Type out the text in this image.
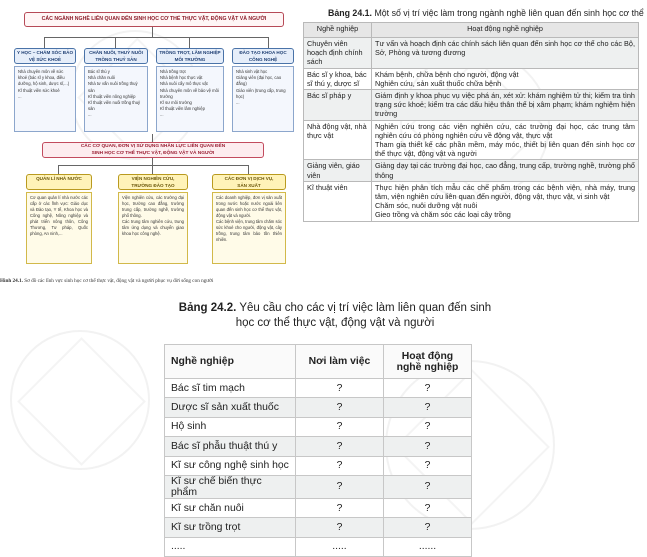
CÁC NGÀNH NGHỀ LIÊN QUAN ĐẾN SINH HỌC CƠ THỂ THỰC VẬT, ĐỘNG VẬT VÀ NGƯỜI
Y HỌC – CHĂM SÓC BẢO VỆ SỨC KHOẺ
CHĂN NUÔI, THUỶ NUÔI TRỒNG THUỶ SẢN
TRỒNG TRỌT, LÂM NGHIỆP MÔI TRƯỜNG
ĐÀO TẠO KHOA HỌC CÔNG NGHỆ
Nhà chuyên môn về sức khoẻ (bác sĩ y khoa, điều dưỡng, hộ sinh, dược sĩ,...)
Kĩ thuật viên sức khoẻ
...
Bác sĩ thú y
Nhà chăn nuôi
Nhà tư vấn nuôi trồng thuỷ sản
Kĩ thuật viên nông nghiệp
Kĩ thuật viên nuôi trồng thuỷ sản
...
Nhà trồng trọt
Nhà bệnh học thực vật
Nhà nuôi cấy mô thực vật
Nhà chuyên môn về bảo vệ môi trường
Kĩ sư môi trường
Kĩ thuật viên lâm nghiệp
...
Nhà sinh vật học
Giảng viên (đại học, cao đẳng)
Giáo viên (trung cấp, trung học)
...
CÁC CƠ QUAN, ĐƠN VỊ SỬ DỤNG NHÂN LỰC LIÊN QUAN ĐẾN
SINH HỌC CƠ THỂ THỰC VẬT, ĐỘNG VẬT VÀ NGƯỜI
QUẢN LÍ NHÀ NƯỚC	VIỆN NGHIÊN CỨU,
TRƯỜNG ĐÀO TẠO
CÁC ĐƠN VỊ DỊCH VỤ,
SẢN XUẤT
Cơ quan quản lí nhà nước các cấp ở các lĩnh vực: Giáo dục và Đào tạo, Y tế, Khoa học và Công nghệ, Nông nghiệp và phát triển nông thôn, Công Thương, Tư pháp, Quốc phòng, An ninh,...
Viện nghiên cứu, các trường đại học, trường cao đẳng, trường trung cấp, trường nghề, trường phổ thông.
Các trung tâm nghiên cứu, trung tâm ứng dụng và chuyển giao khoa học công nghệ.
Các doanh nghiệp, đơn vị sản xuất trong nước hoặc nước ngoài liên quan đến sinh học cơ thể thực vật, động vật và người.
Các bệnh viện, trung tâm chăm sóc sức khoẻ cho người, động vật, cây trồng, trung tâm bảo tồn thiên nhiên.
Hình 24.1. Sơ đồ các lĩnh vực sinh học cơ thể thực vật, động vật và người phục vụ đời sống con người
Bảng 24.1. Một số vị trí việc làm trong ngành nghề liên quan đến sinh học cơ thể
Nghề nghiệp	Hoạt động nghề nghiệp
Chuyên viên hoạch định chính sách	Tư vấn và hoạch định các chính sách liên quan đến sinh học cơ thể cho các Bộ, Sở, Phòng và tương đương
Bác sĩ y khoa, bác sĩ thú y, dược sĩ	Khám bệnh, chữa bệnh cho người, động vật
Nghiên cứu, sản xuất thuốc chữa bệnh
Bác sĩ pháp y	Giám định y khoa phục vụ việc phá án, xét xử: khám nghiệm tử thi; kiểm tra tình trạng sức khoẻ; kiểm tra các dấu hiệu thân thể bị xâm phạm; khám nghiệm hiện trường
Nhà động vật, nhà thực vật	Nghiên cứu trong các viện nghiên cứu, các trường đại học, các trung tâm nghiên cứu có phòng nghiên cứu về động vật, thực vật
Tham gia thiết kế các phần mềm, máy móc, thiết bị liên quan đến sinh học cơ thể thực vật, động vật và người
Giảng viên, giáo viên	Giảng dạy tại các trường đại học, cao đẳng, trung cấp, trường nghề, trường phổ thông
Kĩ thuật viên	Thực hiện phân tích mẫu các chế phẩm trong các bệnh viện, nhà máy, trung tâm, viện nghiên cứu liên quan đến người, động vật, thực vật, vi sinh vật
Chăm sóc, nuôi dưỡng vật nuôi
Gieo trồng và chăm sóc các loại cây trồng
Bảng 24.2. Yêu cầu cho các vị trí việc làm liên quan đến sinh học cơ thể thực vật, động vật và người
Nghề nghiệp	Nơi làm việc	Hoạt động
nghề nghiệp
Bác sĩ tim mạch	?	?
Dược sĩ sản xuất thuốc	?	?
Hộ sinh	?	?
Bác sĩ phẫu thuật thú y	?	?
Kĩ sư công nghệ sinh học	?	?
Kĩ sư chế biến thực phẩm	?	?
Kĩ sư chăn nuôi	?	?
Kĩ sư trồng trọt	?	?
.....	.....	......
